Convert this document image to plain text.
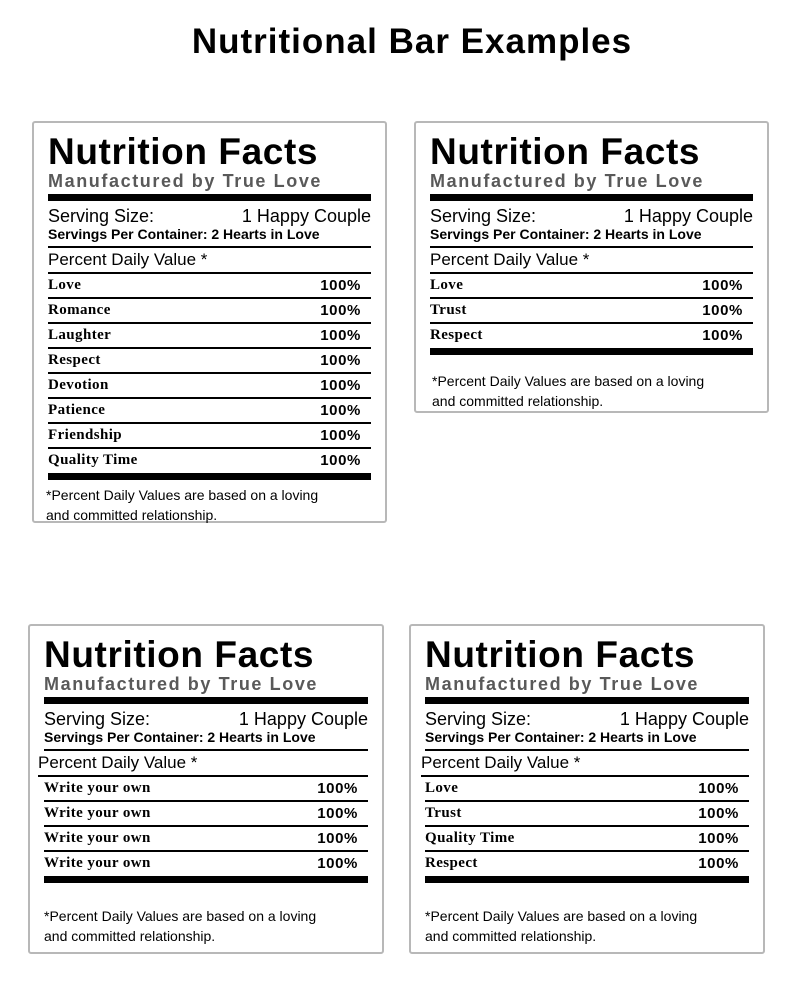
Nutritional Bar Examples
Nutrition Facts
Manufactured by True Love
Serving Size:	1 Happy Couple
Servings Per Container: 2 Hearts in Love
Percent Daily Value *
Love	100%
Romance	100%
Laughter	100%
Respect	100%
Devotion	100%
Patience	100%
Friendship	100%
Quality Time	100%
*Percent Daily Values are based on a loving
and committed relationship.
Nutrition Facts
Manufactured by True Love
Serving Size:	1 Happy Couple
Servings Per Container: 2 Hearts in Love
Percent Daily Value *
Love	100%
Trust	100%
Respect	100%
*Percent Daily Values are based on a loving
and committed relationship.
Nutrition Facts
Manufactured by True Love
Serving Size:	1 Happy Couple
Servings Per Container: 2 Hearts in Love
Percent Daily Value *
Write your own	100%
Write your own	100%
Write your own	100%
Write your own	100%
*Percent Daily Values are based on a loving
and committed relationship.
Nutrition Facts
Manufactured by True Love
Serving Size:	1 Happy Couple
Servings Per Container: 2 Hearts in Love
Percent Daily Value *
Love	100%
Trust	100%
Quality Time	100%
Respect	100%
*Percent Daily Values are based on a loving
and committed relationship.
